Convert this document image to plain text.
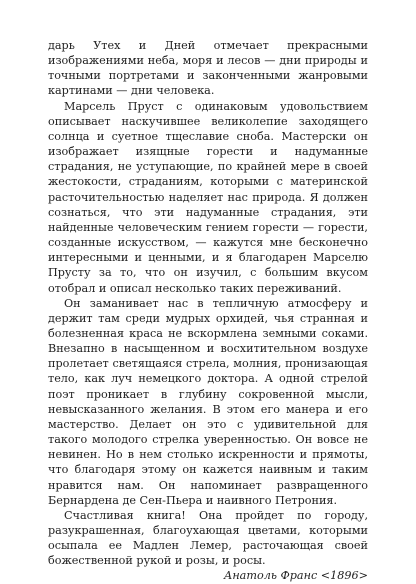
дарь Утех и Дней отмечает прекрасными изображениями неба, моря и лесов — дни природы и точными портретами и законченными жанровыми картинами — дни человека.

Марсель Пруст с одинаковым удовольствием описывает наскучившее великолепие заходящего солнца и суетное тщеславие сноба. Мастерски он изображает изящные горести и надуманные страдания, не уступающие, по крайней мере в своей жестокости, страданиям, которыми с материнской расточительностью наделяет нас природа. Я должен сознаться, что эти надуманные страдания, эти найденные человеческим гением горести — горести, созданные искусством, — кажутся мне бесконечно интересными и ценными, и я благодарен Марселю Прусту за то, что он изучил, с большим вкусом отобрал и описал несколько таких переживаний.

Он заманивает нас в тепличную атмосферу и держит там среди мудрых орхидей, чья странная и болезненная краса не вскормлена земными соками. Внезапно в насыщенном и восхитительном воздухе пролетает светящаяся стрела, молния, пронизающая тело, как луч немецкого доктора. А одной стрелой поэт проникает в глубину сокровенной мысли, невысказанного желания. В этом его манера и его мастерство. Делает он это с удивительной для такого молодого стрелка уверенностью. Он вовсе не невинен. Но в нем столько искренности и прямоты, что благодаря этому он кажется наивным и таким нравится нам. Он напоминает развращенного Бернардена де Сен-Пьера и наивного Петрония.

Счастливая книга! Она пройдет по городу, разукрашенная, благоухающая цветами, которыми осыпала ее Мадлен Лемер, расточающая своей божественной рукой и розы, и росы.

Анатоль Франс <1896>
